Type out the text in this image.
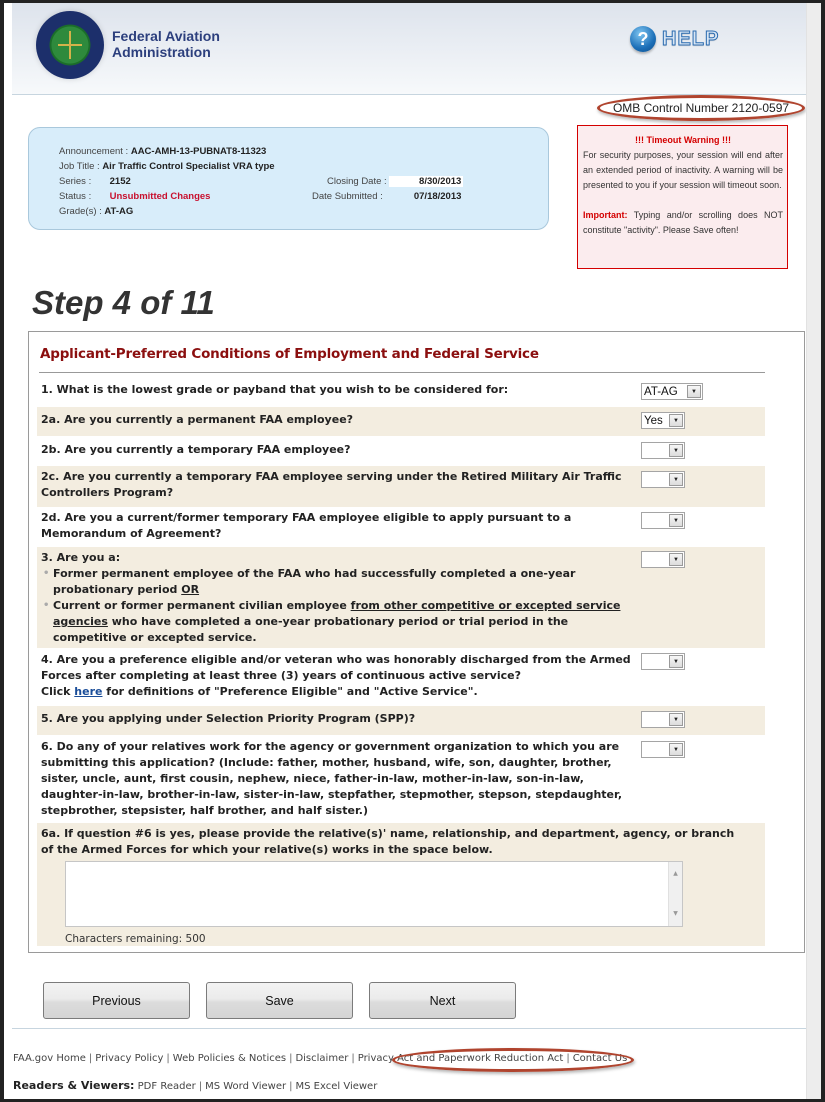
Federal Aviation
Administration
? HELP
OMB Control Number 2120-0597
Announcement : AAC-AMH-13-PUBNAT8-11323
Job Title : Air Traffic Control Specialist VRA type
Series : 2152
Status : Unsubmitted Changes
Grade(s) : AT-AG
Closing Date :	8/30/2013
Date Submitted :	07/18/2013
!!! Timeout Warning !!!

For security purposes, your session will end after an extended period of inactivity. A warning will be presented to you if your session will timeout soon.

Important: Typing and/or scrolling does NOT constitute "activity". Please Save often!

Step 4 of 11
Applicant-Preferred Conditions of Employment and Federal Service
1. What is the lowest grade or payband that you wish to be considered for:	AT-AG	▼
2a. Are you currently a permanent FAA employee?	Yes	▼
2b. Are you currently a temporary FAA employee?	▼
2c. Are you currently a temporary FAA employee serving under the Retired Military Air Traffic Controllers Program?
▼
2d. Are you a current/former temporary FAA employee eligible to apply pursuant to a Memorandum of Agreement?
▼
3. Are you a:
• Former permanent employee of the FAA who had successfully completed a one-year probationary period OR
• Current or former permanent civilian employee from other competitive or excepted service agencies who have completed a one-year probationary period or trial period in the competitive or excepted service.
▼
4. Are you a preference eligible and/or veteran who was honorably discharged from the Armed Forces after completing at least three (3) years of continuous active service?
Click here for definitions of "Preference Eligible" and "Active Service".
▼
5. Are you applying under Selection Priority Program (SPP)?	▼
6. Do any of your relatives work for the agency or government organization to which you are submitting this application? (Include: father, mother, husband, wife, son, daughter, brother, sister, uncle, aunt, first cousin, nephew, niece, father-in-law, mother-in-law, son-in-law, daughter-in-law, brother-in-law, sister-in-law, stepfather, stepmother, stepson, stepdaughter, stepbrother, stepsister, half brother, and half sister.)
▼
6a. If question #6 is yes, please provide the relative(s)' name, relationship, and department, agency, or branch of the Armed Forces for which your relative(s) works in the space below.
▲
▼
Characters remaining: 500
Previous	Save	Next
FAA.gov Home | Privacy Policy | Web Policies & Notices | Disclaimer | Privacy Act and Paperwork Reduction Act | Contact Us
Readers & Viewers: PDF Reader | MS Word Viewer | MS Excel Viewer
